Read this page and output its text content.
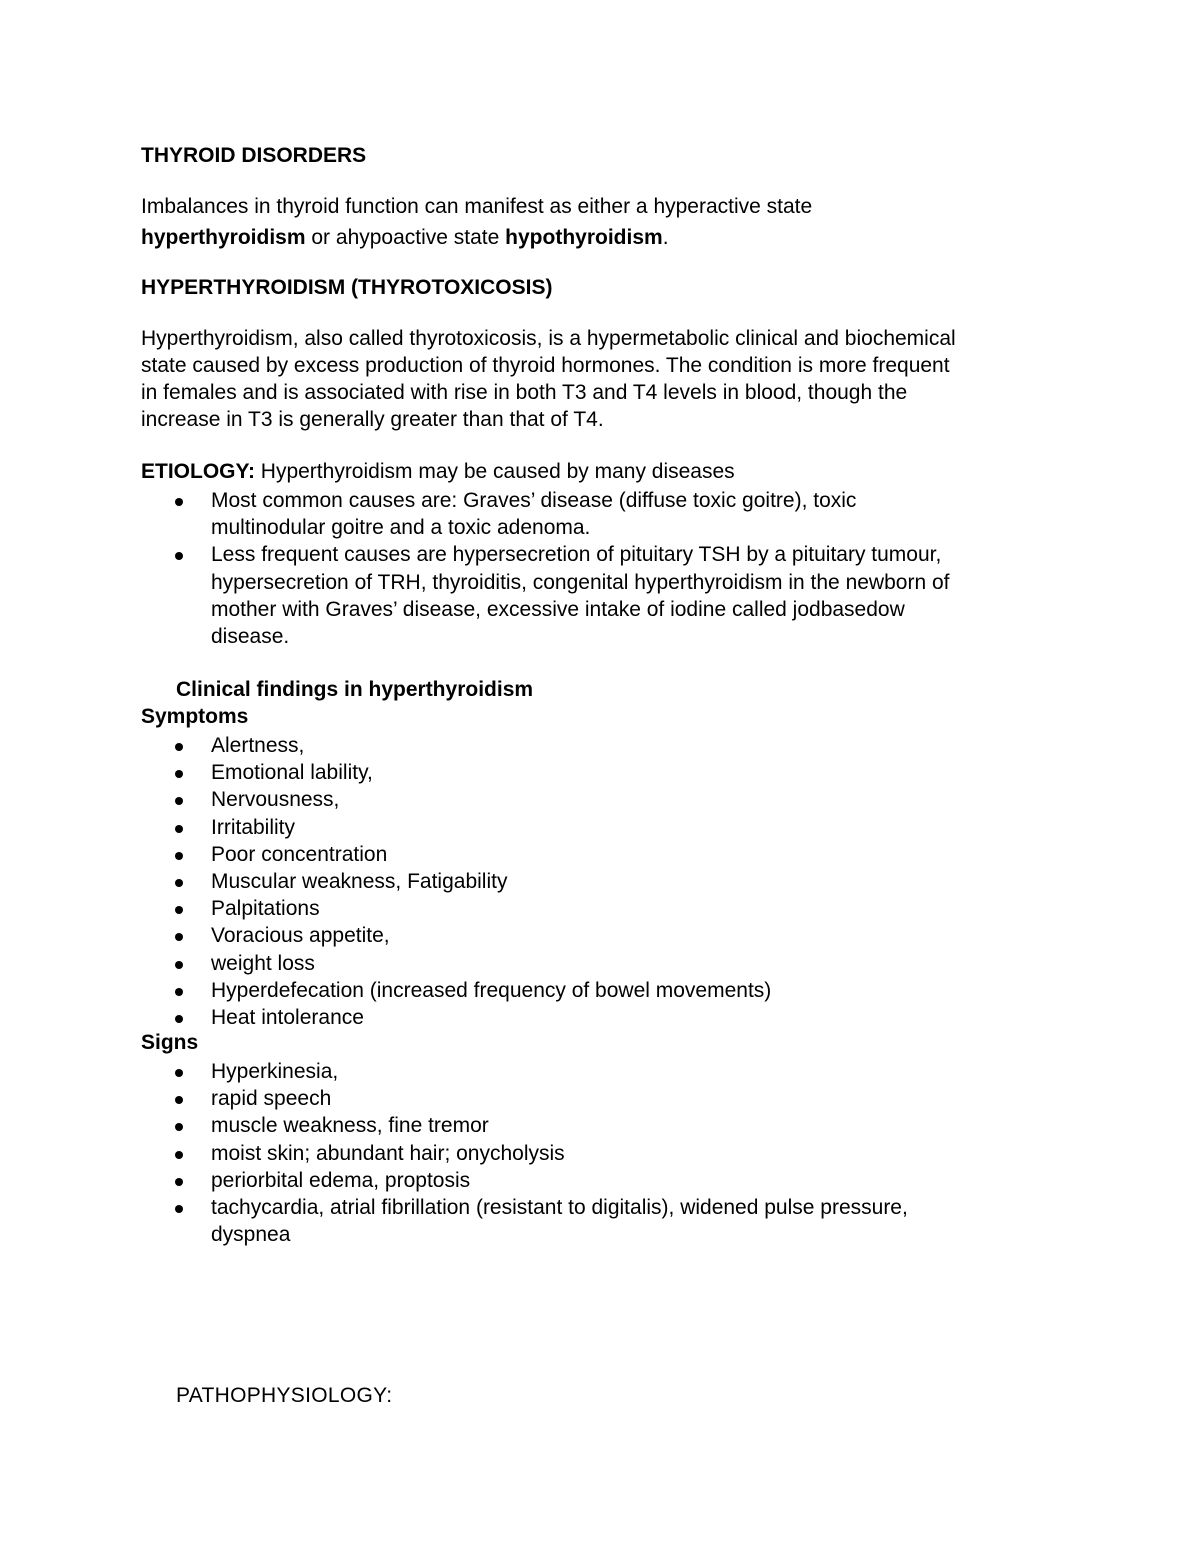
THYROID DISORDERS
Imbalances in thyroid function can manifest as either a hyperactive state
hyperthyroidism or ahypoactive state hypothyroidism.
HYPERTHYROIDISM (THYROTOXICOSIS)
Hyperthyroidism, also called thyrotoxicosis, is a hypermetabolic clinical and biochemical
state caused by excess production of thyroid hormones. The condition is more frequent
in females and is associated with rise in both T3 and T4 levels in blood, though the
increase in T3 is generally greater than that of T4.
ETIOLOGY: Hyperthyroidism may be caused by many diseases
Most common causes are: Graves’ disease (diffuse toxic goitre), toxic
multinodular goitre and a toxic adenoma.
Less frequent causes are hypersecretion of pituitary TSH by a pituitary tumour,
hypersecretion of TRH, thyroiditis, congenital hyperthyroidism in the newborn of
mother with Graves’ disease, excessive intake of iodine called jodbasedow
disease.
Clinical findings in hyperthyroidism
Symptoms
Alertness,
Emotional lability,
Nervousness,
Irritability
Poor concentration
Muscular weakness, Fatigability
Palpitations
Voracious appetite,
weight loss
Hyperdefecation (increased frequency of bowel movements)
Heat intolerance
Signs
Hyperkinesia,
rapid speech
muscle weakness, fine tremor
moist skin; abundant hair; onycholysis
periorbital edema, proptosis
tachycardia, atrial fibrillation (resistant to digitalis), widened pulse pressure,
dyspnea
PATHOPHYSIOLOGY:
